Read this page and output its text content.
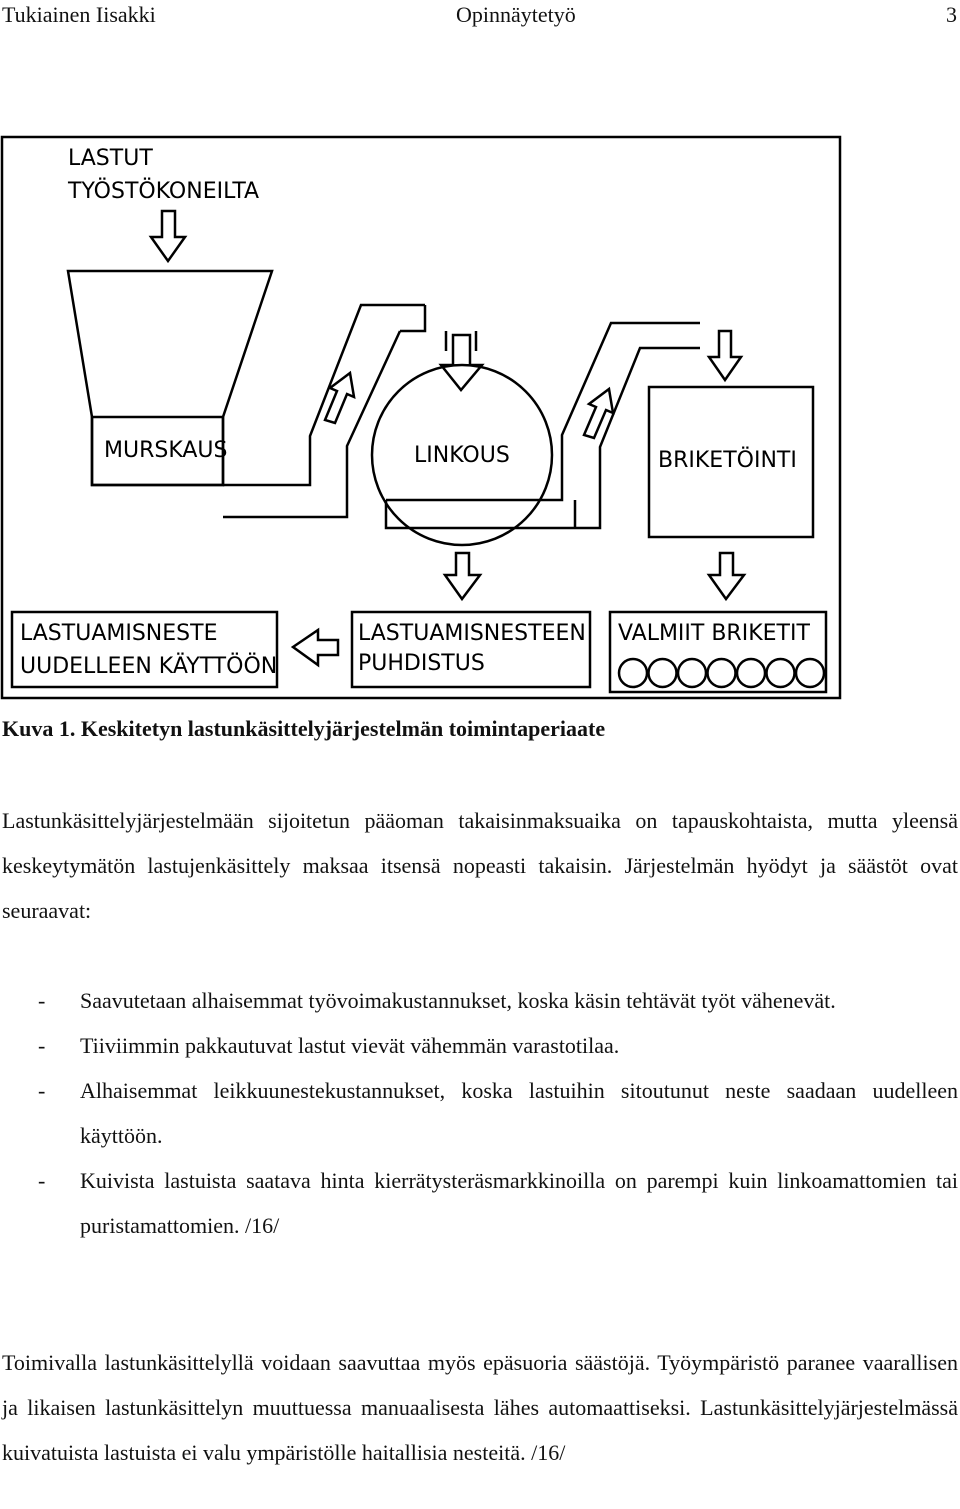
Tukiainen Iisakki	Opinnäytetyö	3
LASTUT
TYÖSTÖKONEILTA
MURSKAUS	LINKOUS	BRIKETÖINTI
LASTUAMISNESTE
UUDELLEEN KÄYTTÖÖN
LASTUAMISNESTEEN
PUHDISTUS
VALMIIT BRIKETIT
Kuva 1. Keskitetyn lastunkäsittelyjärjestelmän toimintaperiaate

Lastunkäsittelyjärjestelmään sijoitetun pääoman takaisinmaksuaika on tapauskohtaista, mutta yleensä keskeytymätön lastujenkäsittely maksaa itsensä nopeasti takaisin. Järjestelmän hyödyt ja säästöt ovat seuraavat:

- Saavutetaan alhaisemmat työvoimakustannukset, koska käsin tehtävät työt vähenevät.
- Tiiviimmin pakkautuvat lastut vievät vähemmän varastotilaa.
- Alhaisemmat leikkuunestekustannukset, koska lastuihin sitoutunut neste saadaan uudelleen käyttöön.
- Kuivista lastuista saatava hinta kierrätysteräsmarkkinoilla on parempi kuin linkoamattomien tai puristamattomien. /16/

Toimivalla lastunkäsittelyllä voidaan saavuttaa myös epäsuoria säästöjä. Työympäristö paranee vaarallisen ja likaisen lastunkäsittelyn muuttuessa manuaalisesta lähes automaattiseksi. Lastunkäsittelyjärjestelmässä kuivatuista lastuista ei valu ympäristölle haitallisia nesteitä. /16/
